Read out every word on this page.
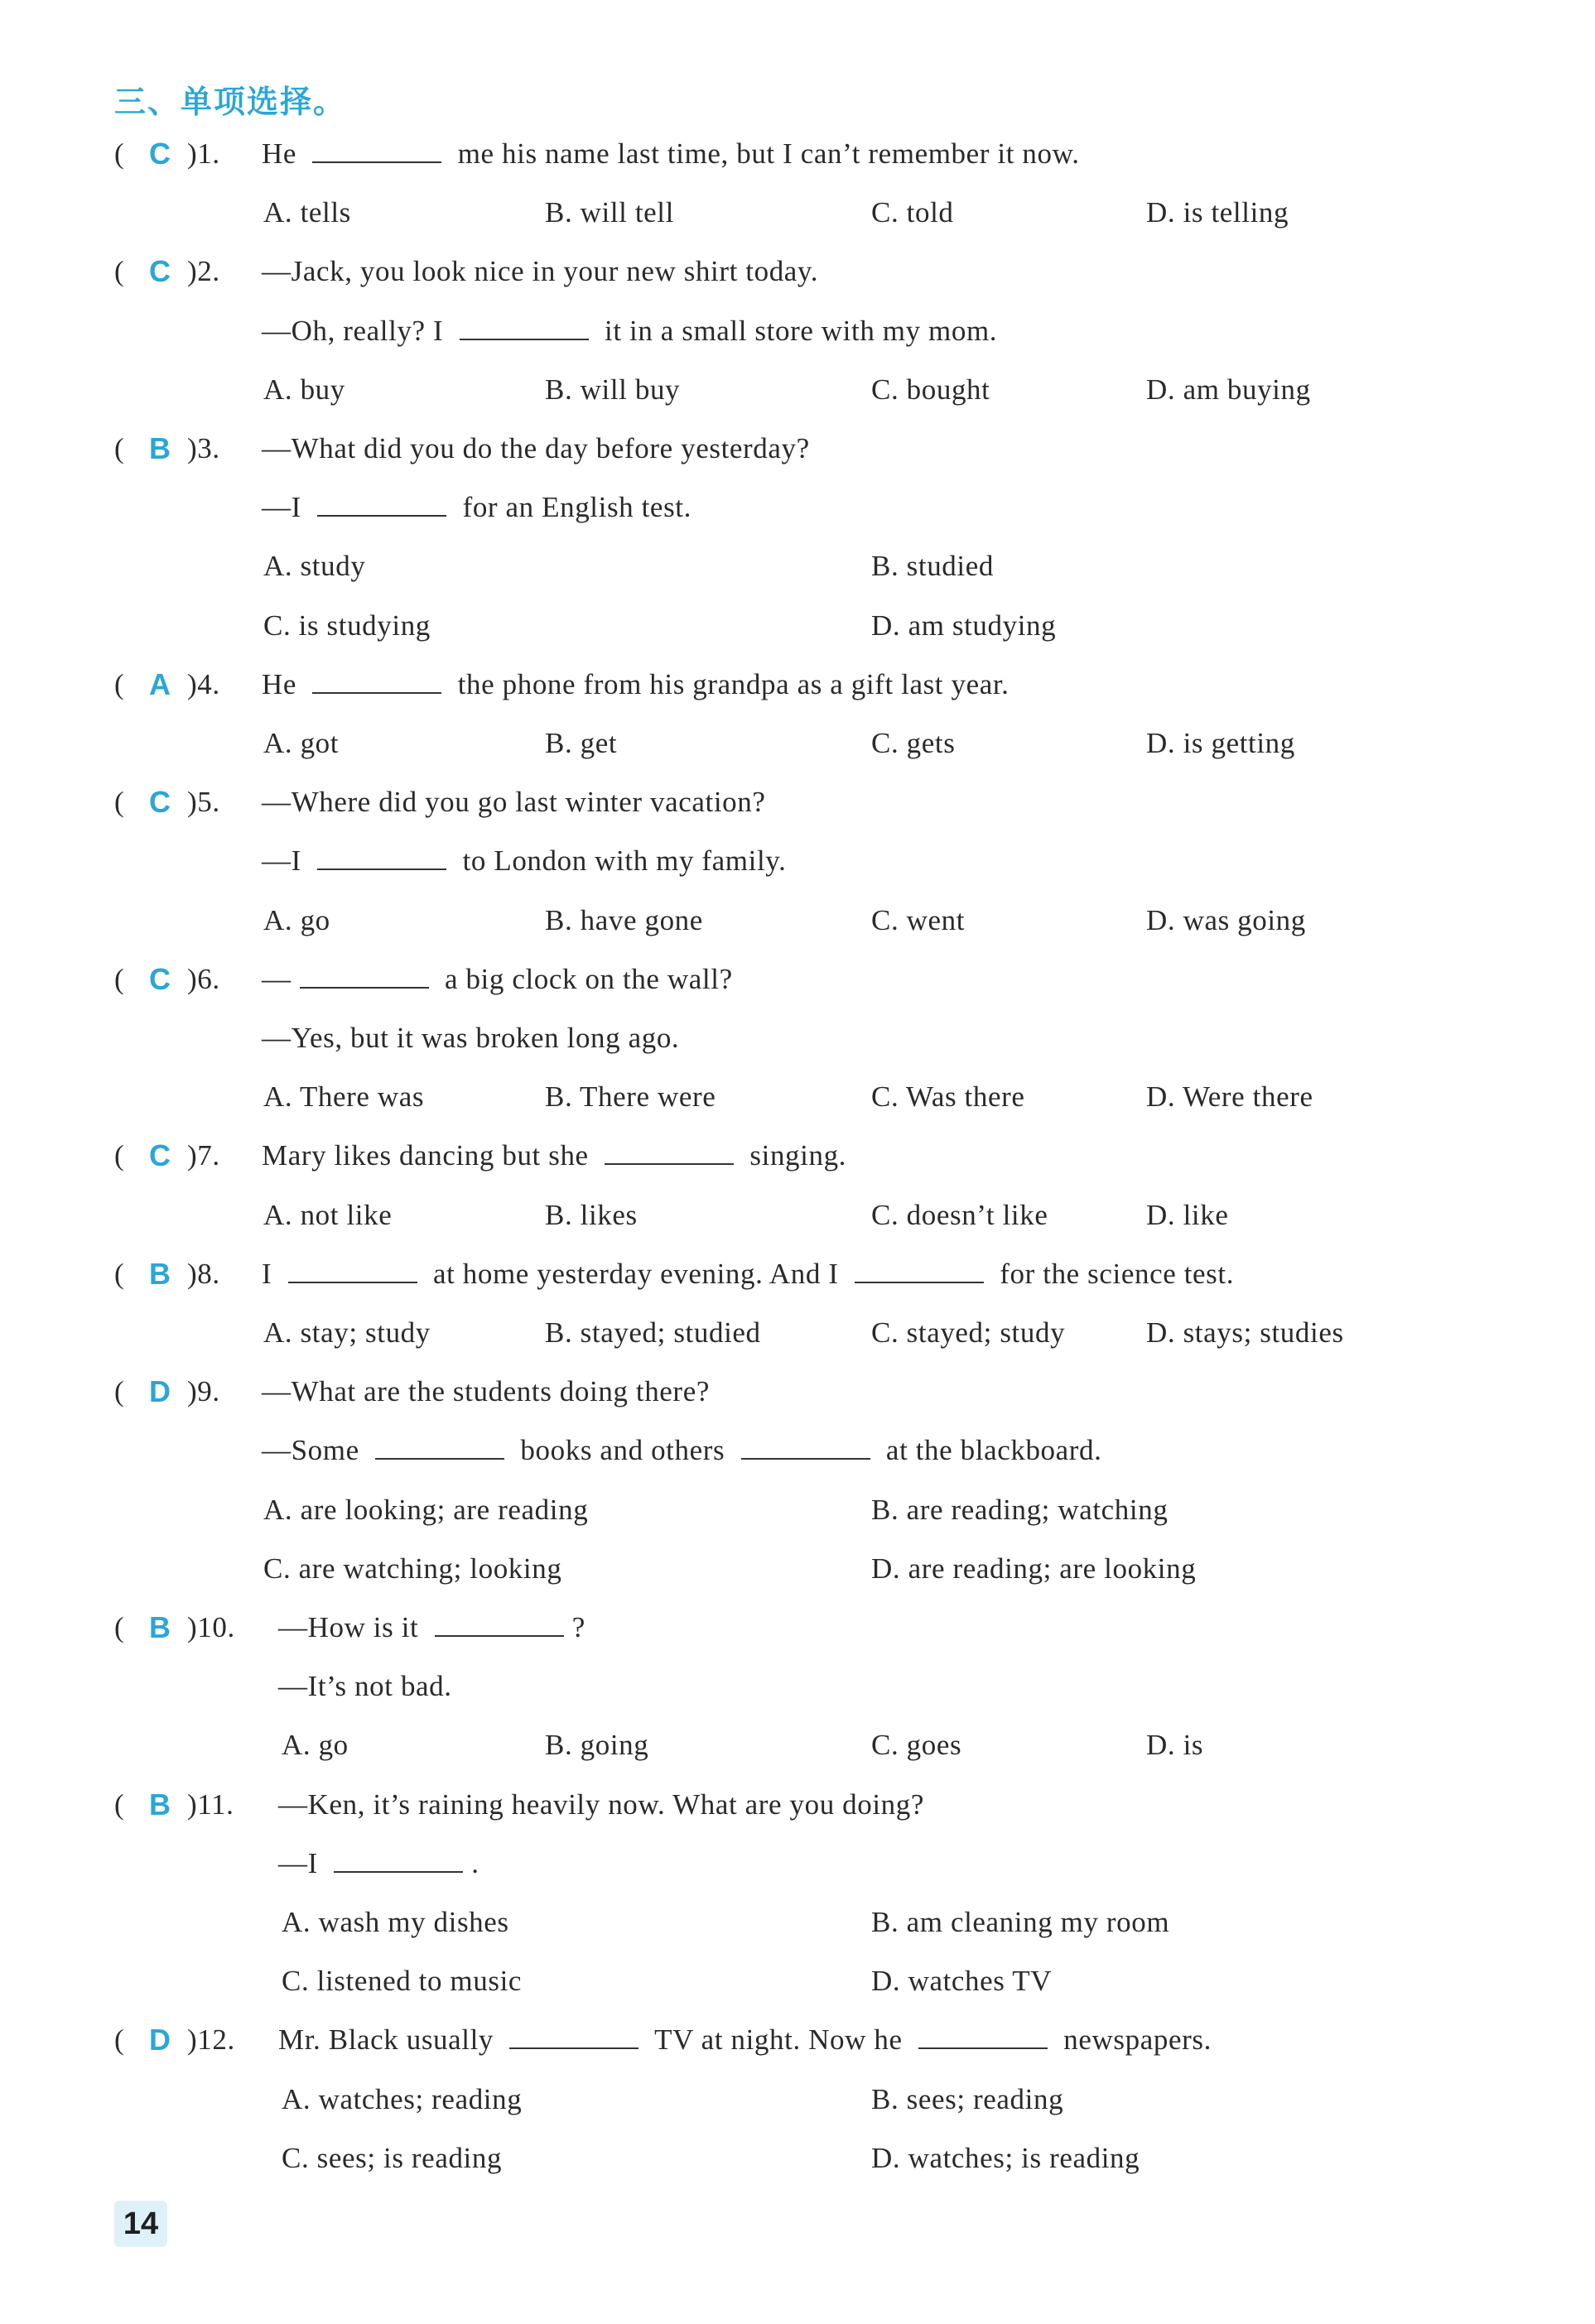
三、单项选择。
( C )1. He	me his name last time, but I can’t remember it now.
A. tells	B. will tell	C. told	D. is telling
( C )2. —Jack, you look nice in your new shirt today.
—Oh, really? I	it in a small store with my mom.
A. buy	B. will buy	C. bought	D. am buying
( B )3. —What did you do the day before yesterday?
—I	for an English test.
A. study	B. studied
C. is studying	D. am studying
( A )4. He	the phone from his grandpa as a gift last year.
A. got	B. get	C. gets	D. is getting
( C )5. —Where did you go last winter vacation?
—I	to London with my family.
A. go	B. have gone	C. went	D. was going
( C )6. —	a big clock on the wall?
—Yes, but it was broken long ago.
A. There was	B. There were	C. Was there	D. Were there
( C )7. Mary likes dancing but she	singing.
A. not like	B. likes	C. doesn’t like	D. like
( B )8. I	at home yesterday evening. And I	for the science test.
A. stay; study	B. stayed; studied	C. stayed; study	D. stays; studies
( D )9. —What are the students doing there?
—Some	books and others	at the blackboard.
A. are looking; are reading	B. are reading; watching
C. are watching; looking	D. are reading; are looking
( B )10. —How is it	?
—It’s not bad.
A. go	B. going	C. goes	D. is
( B )11. —Ken, it’s raining heavily now. What are you doing?
—I	.
A. wash my dishes	B. am cleaning my room
C. listened to music	D. watches TV
( D )12. Mr. Black usually	TV at night. Now he	newspapers.
A. watches; reading	B. sees; reading
C. sees; is reading	D. watches; is reading
14
